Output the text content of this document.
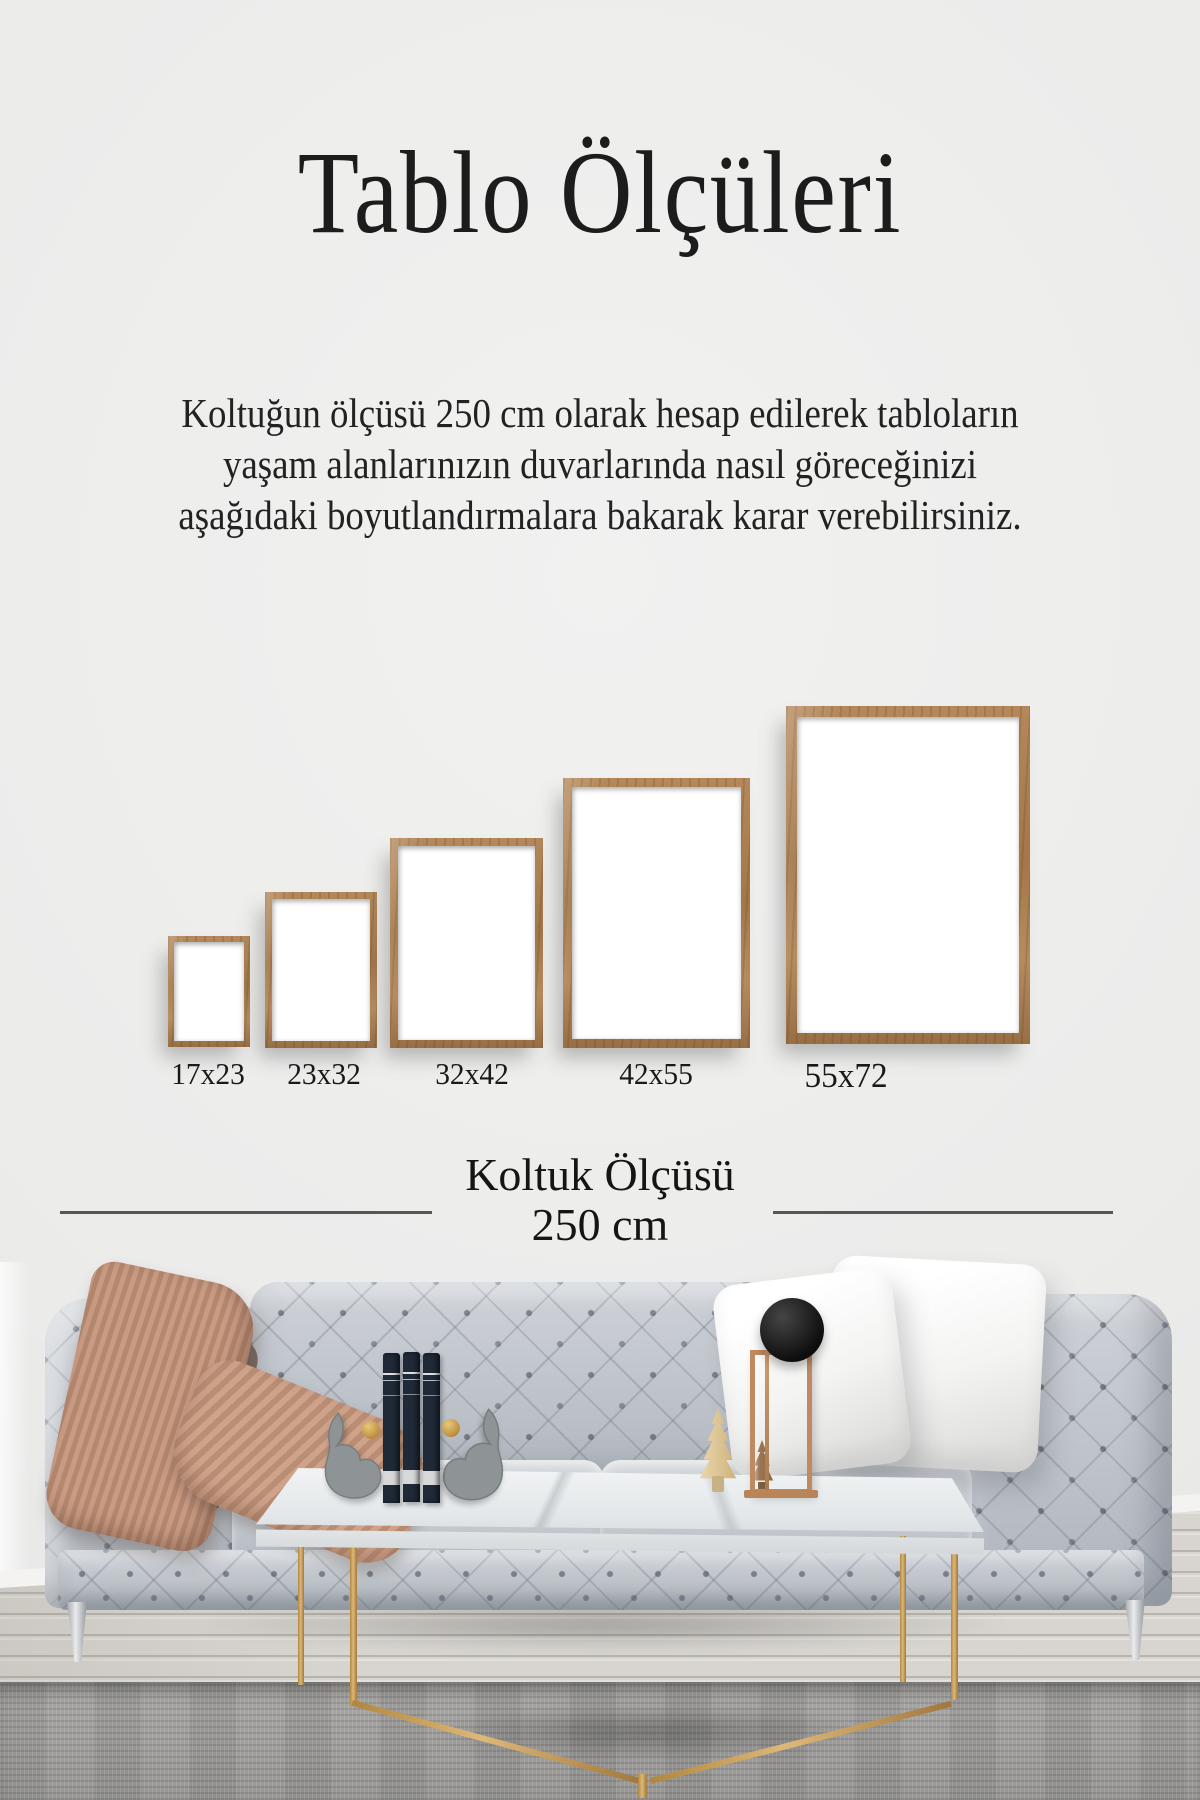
Tablo Ölçüleri
Koltuğun ölçüsü 250 cm olarak hesap edilerek tabloların
yaşam alanlarınızın duvarlarında nasıl göreceğinizi
aşağıdaki boyutlandırmalara bakarak karar verebilirsiniz.
17x23	23x32	32x42	42x55	55x72
Koltuk Ölçüsü
250 cm
